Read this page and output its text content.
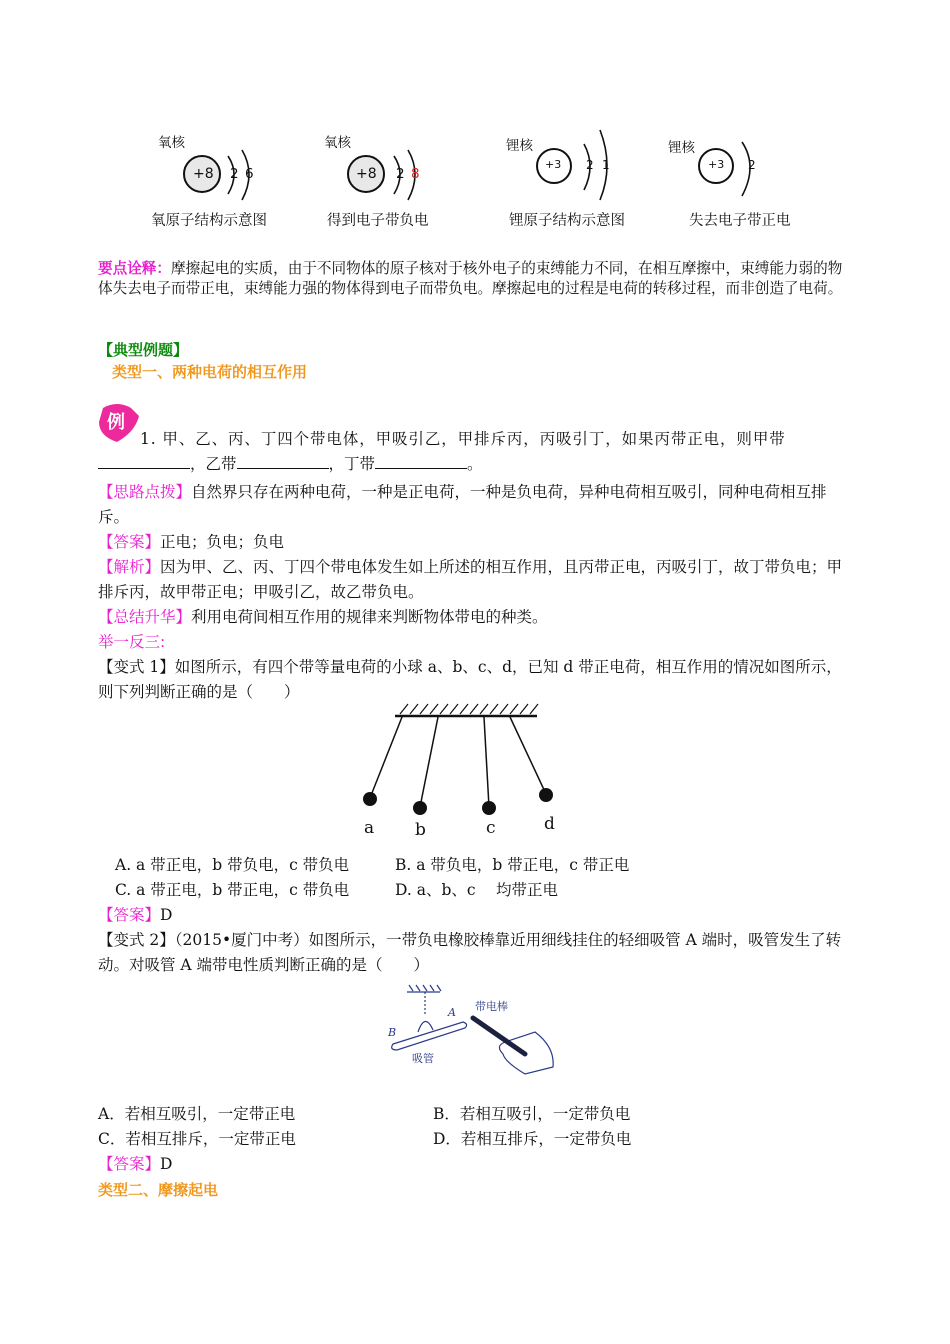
氧核
+8 2 6
氧原子结构示意图
氧核
+8 2 8
得到电子带负电
锂核
+3 2 1
锂原子结构示意图
锂核
+3 2
失去电子带正电
要点诠释：摩擦起电的实质，由于不同物体的原子核对于核外电子的束缚能力不同，在相互摩擦中，束缚能力弱的物体失去电子而带正电，束缚能力强的物体得到电子而带负电。摩擦起电的过程是电荷的转移过程，而非创造了电荷。
【典型例题】
类型一、两种电荷的相互作用
例
1. 甲、乙、丙、丁四个带电体，甲吸引乙，甲排斥丙，丙吸引丁，如果丙带正电，则甲带
，乙带	，丁带	。
【思路点拨】自然界只存在两种电荷，一种是正电荷，一种是负电荷，异种电荷相互吸引，同种电荷相互排斥。
【答案】正电；负电；负电
【解析】因为甲、乙、丙、丁四个带电体发生如上所述的相互作用，且丙带正电，丙吸引丁，故丁带负电；甲排斥丙，故甲带正电；甲吸引乙，故乙带负电。
【总结升华】利用电荷间相互作用的规律来判断物体带电的种类。
举一反三:
【变式 1】如图所示，有四个带等量电荷的小球 a、b、c、d，已知 d 带正电荷，相互作用的情况如图所示，则下列判断正确的是（　　）
a b	c	d
A. a 带正电，b 带负电，c 带负电	B. a 带负电，b 带正电，c 带正电
C. a 带正电，b 带正电，c 带负电	D. a、b、c　 均带正电
【答案】D
【变式 2】（2015•厦门中考）如图所示，一带负电橡胶棒靠近用细线挂住的轻细吸管 A 端时，吸管发生了转动。对吸管 A 端带电性质判断正确的是（　　）
A
B
带电棒
吸管
A．若相互吸引，一定带正电	B．若相互吸引，一定带负电
C．若相互排斥，一定带正电	D．若相互排斥，一定带负电
【答案】D
类型二、摩擦起电
